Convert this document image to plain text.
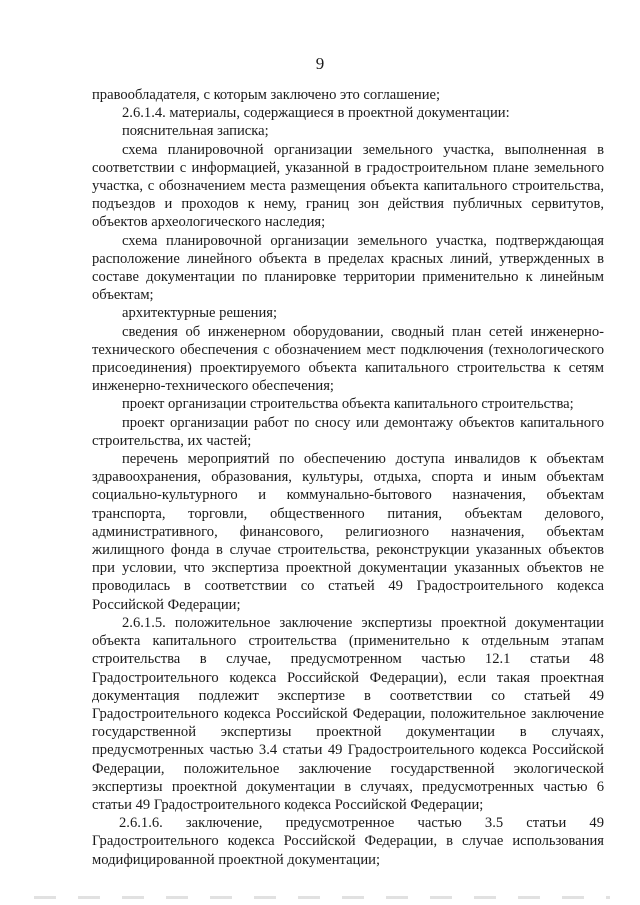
9

правообладателя, с которым заключено это соглашение;

2.6.1.4. материалы, содержащиеся в проектной документации:

пояснительная записка;

схема планировочной организации земельного участка, выполненная в соответствии с информацией, указанной в градостроительном плане земельного участка, с обозначением места размещения объекта капитального строительства, подъездов и проходов к нему, границ зон действия публичных сервитутов, объектов археологического наследия;

схема планировочной организации земельного участка, подтверждающая расположение линейного объекта в пределах красных линий, утвержденных в составе документации по планировке территории применительно к линейным объектам;

архитектурные решения;

сведения об инженерном оборудовании, сводный план сетей инженерно-технического обеспечения с обозначением мест подключения (технологического присоединения) проектируемого объекта капитального строительства к сетям инженерно-технического обеспечения;

проект организации строительства объекта капитального строительства;

проект организации работ по сносу или демонтажу объектов капитального строительства, их частей;

перечень мероприятий по обеспечению доступа инвалидов к объектам здравоохранения, образования, культуры, отдыха, спорта и иным объектам социально-культурного и коммунально-бытового назначения, объектам транспорта, торговли, общественного питания, объектам делового, административного, финансового, религиозного назначения, объектам жилищного фонда в случае строительства, реконструкции указанных объектов при условии, что экспертиза проектной документации указанных объектов не проводилась в соответствии со статьей 49 Градостроительного кодекса Российской Федерации;

2.6.1.5. положительное заключение экспертизы проектной документации объекта капитального строительства (применительно к отдельным этапам строительства в случае, предусмотренном частью 12.1 статьи 48 Градостроительного кодекса Российской Федерации), если такая проектная документация подлежит экспертизе в соответствии со статьей 49 Градостроительного кодекса Российской Федерации, положительное заключение государственной экспертизы проектной документации в случаях, предусмотренных частью 3.4 статьи 49 Градостроительного кодекса Российской Федерации, положительное заключение государственной экологической экспертизы проектной документации в случаях, предусмотренных частью 6 статьи 49 Градостроительного кодекса Российской Федерации;

2.6.1.6. заключение, предусмотренное частью 3.5 статьи 49 Градостроительного кодекса Российской Федерации, в случае использования модифицированной проектной документации;
